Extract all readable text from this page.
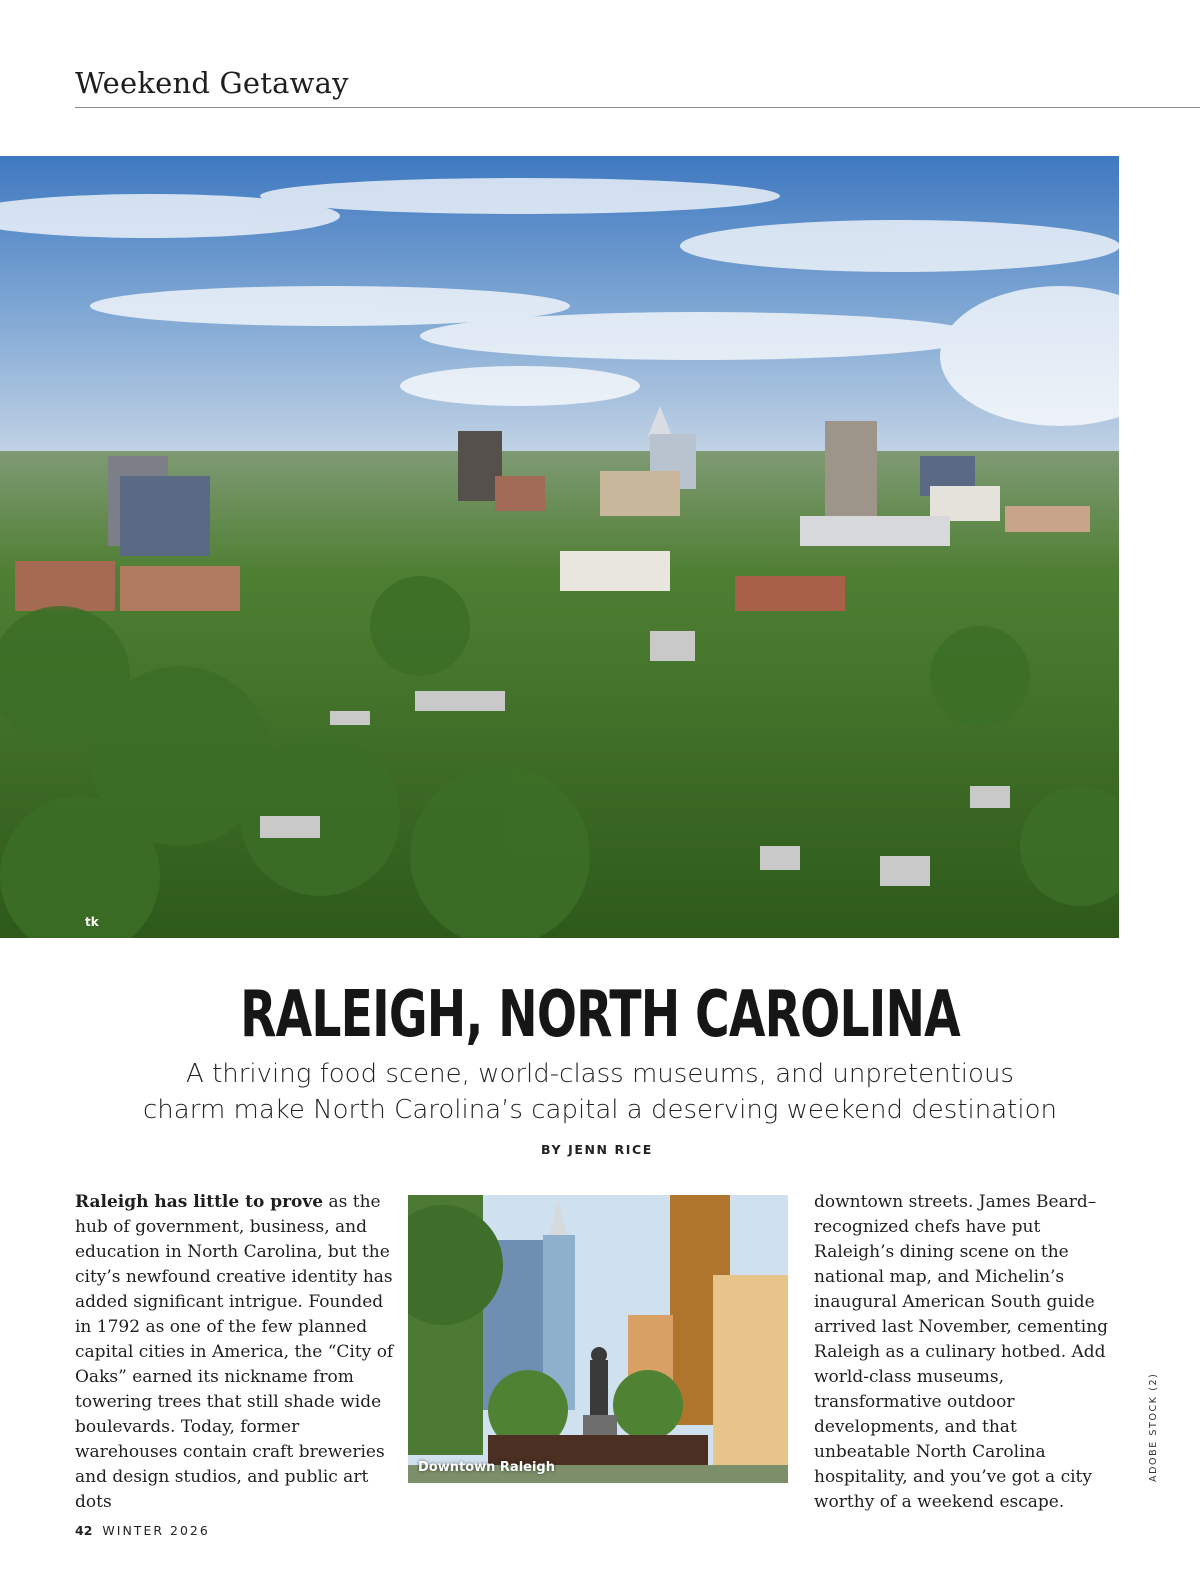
Weekend Getaway
tk
RALEIGH, NORTH CAROLINA
A thriving food scene, world-class museums, and unpretentious
charm make North Carolina’s capital a deserving weekend destination
BY JENN RICE

Raleigh has little to prove as the hub of government, business, and education in North Carolina, but the city’s newfound creative identity has added significant intrigue. Founded in 1792 as one of the few planned capital cities in America, the “City of Oaks” earned its nickname from towering trees that still shade wide boulevards. Today, former warehouses contain craft breweries and design studios, and public art dots

Downtown Raleigh

downtown streets. James Beard–recognized chefs have put Raleigh’s dining scene on the national map, and Michelin’s inaugural American South guide arrived last November, cementing Raleigh as a culinary hotbed. Add world-class museums, transformative outdoor developments, and that unbeatable North Carolina hospitality, and you’ve got a city worthy of a weekend escape.

ADOBE STOCK (2)
42 WINTER 2026
